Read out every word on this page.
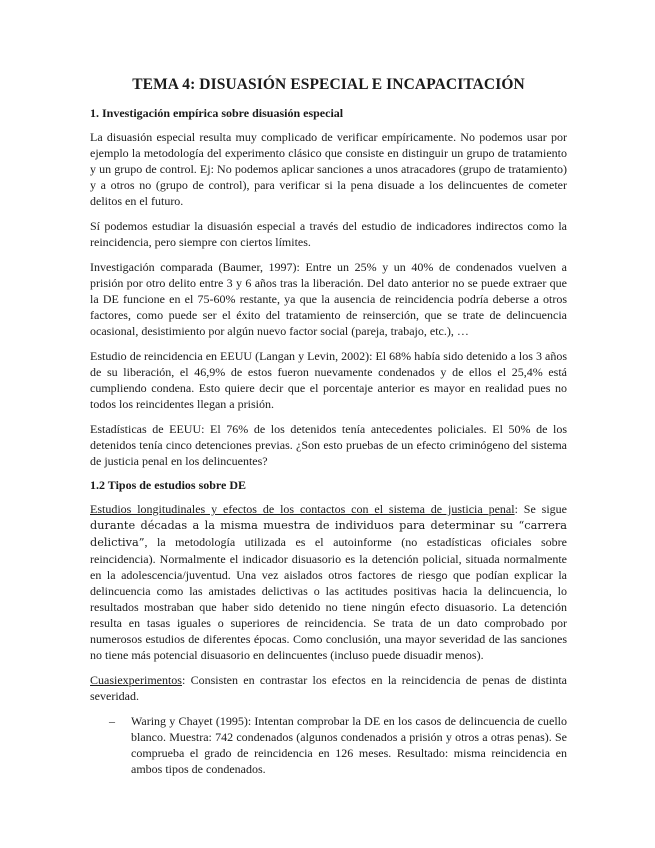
TEMA 4: DISUASIÓN ESPECIAL E INCAPACITACIÓN
1. Investigación empírica sobre disuasión especial

La disuasión especial resulta muy complicado de verificar empíricamente. No podemos usar por ejemplo la metodología del experimento clásico que consiste en distinguir un grupo de tratamiento y un grupo de control. Ej: No podemos aplicar sanciones a unos atracadores (grupo de tratamiento) y a otros no (grupo de control), para verificar si la pena disuade a los delincuentes de cometer delitos en el futuro.

Sí podemos estudiar la disuasión especial a través del estudio de indicadores indirectos como la reincidencia, pero siempre con ciertos límites.

Investigación comparada (Baumer, 1997): Entre un 25% y un 40% de condenados vuelven a prisión por otro delito entre 3 y 6 años tras la liberación. Del dato anterior no se puede extraer que la DE funcione en el 75-60% restante, ya que la ausencia de reincidencia podría deberse a otros factores, como puede ser el éxito del tratamiento de reinserción, que se trate de delincuencia ocasional, desistimiento por algún nuevo factor social (pareja, trabajo, etc.), …

Estudio de reincidencia en EEUU (Langan y Levin, 2002): El 68% había sido detenido a los 3 años de su liberación, el 46,9% de estos fueron nuevamente condenados y de ellos el 25,4% está cumpliendo condena. Esto quiere decir que el porcentaje anterior es mayor en realidad pues no todos los reincidentes llegan a prisión.

Estadísticas de EEUU: El 76% de los detenidos tenía antecedentes policiales. El 50% de los detenidos tenía cinco detenciones previas. ¿Son esto pruebas de un efecto criminógeno del sistema de justicia penal en los delincuentes?

1.2 Tipos de estudios sobre DE

Estudios longitudinales y efectos de los contactos con el sistema de justicia penal: Se sigue durante décadas a la misma muestra de individuos para determinar su “carrera delictiva”, la metodología utilizada es el autoinforme (no estadísticas oficiales sobre reincidencia). Normalmente el indicador disuasorio es la detención policial, situada normalmente en la adolescencia/juventud. Una vez aislados otros factores de riesgo que podían explicar la delincuencia como las amistades delictivas o las actitudes positivas hacia la delincuencia, lo resultados mostraban que haber sido detenido no tiene ningún efecto disuasorio. La detención resulta en tasas iguales o superiores de reincidencia. Se trata de un dato comprobado por numerosos estudios de diferentes épocas. Como conclusión, una mayor severidad de las sanciones no tiene más potencial disuasorio en delincuentes (incluso puede disuadir menos).

Cuasiexperimentos: Consisten en contrastar los efectos en la reincidencia de penas de distinta severidad.

– Waring y Chayet (1995): Intentan comprobar la DE en los casos de delincuencia de cuello blanco. Muestra: 742 condenados (algunos condenados a prisión y otros a otras penas). Se comprueba el grado de reincidencia en 126 meses. Resultado: misma reincidencia en ambos tipos de condenados.
